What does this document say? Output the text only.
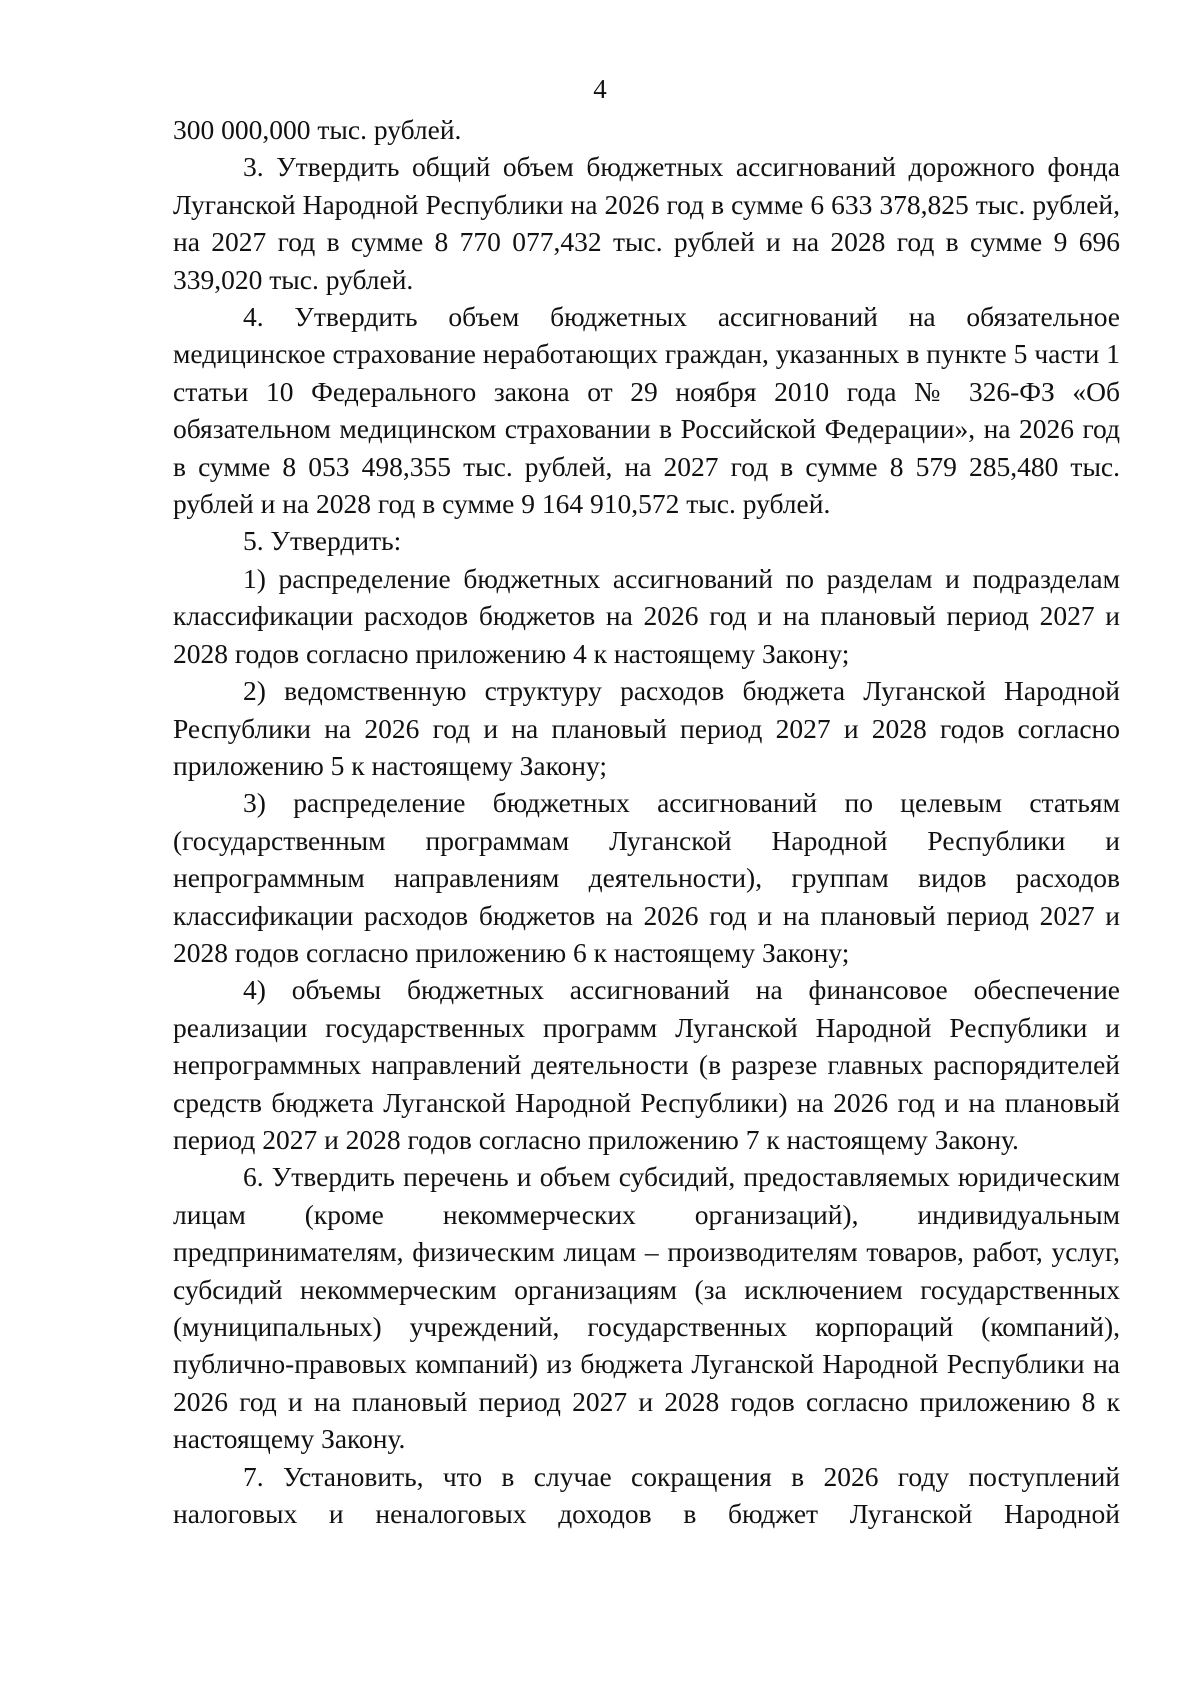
4

300 000,000 тыс. рублей.

3. Утвердить общий объем бюджетных ассигнований дорожного фонда Луганской Народной Республики на 2026 год в сумме 6 633 378,825 тыс. рублей, на 2027 год в сумме 8 770 077,432 тыс. рублей и на 2028 год в сумме 9 696 339,020 тыс. рублей.

4. Утвердить объем бюджетных ассигнований на обязательное медицинское страхование неработающих граждан, указанных в пункте 5 части 1 статьи 10 Федерального закона от 29 ноября 2010 года № 326-ФЗ «Об обязательном медицинском страховании в Российской Федерации», на 2026 год в сумме 8 053 498,355 тыс. рублей, на 2027 год в сумме 8 579 285,480 тыс. рублей и на 2028 год в сумме 9 164 910,572 тыс. рублей.

5. Утвердить:

1) распределение бюджетных ассигнований по разделам и подразделам классификации расходов бюджетов на 2026 год и на плановый период 2027 и 2028 годов согласно приложению 4 к настоящему Закону;

2) ведомственную структуру расходов бюджета Луганской Народной Республики на 2026 год и на плановый период 2027 и 2028 годов согласно приложению 5 к настоящему Закону;

3) распределение бюджетных ассигнований по целевым статьям (государственным программам Луганской Народной Республики и непрограммным направлениям деятельности), группам видов расходов классификации расходов бюджетов на 2026 год и на плановый период 2027 и 2028 годов согласно приложению 6 к настоящему Закону;

4) объемы бюджетных ассигнований на финансовое обеспечение реализации государственных программ Луганской Народной Республики и непрограммных направлений деятельности (в разрезе главных распорядителей средств бюджета Луганской Народной Республики) на 2026 год и на плановый период 2027 и 2028 годов согласно приложению 7 к настоящему Закону.

6. Утвердить перечень и объем субсидий, предоставляемых юридическим лицам (кроме некоммерческих организаций), индивидуальным предпринимателям, физическим лицам – производителям товаров, работ, услуг, субсидий некоммерческим организациям (за исключением государственных (муниципальных) учреждений, государственных корпораций (компаний), публично-правовых компаний) из бюджета Луганской Народной Республики на 2026 год и на плановый период 2027 и 2028 годов согласно приложению 8 к настоящему Закону.

7. Установить, что в случае сокращения в 2026 году поступлений налоговых и неналоговых доходов в бюджет Луганской Народной
